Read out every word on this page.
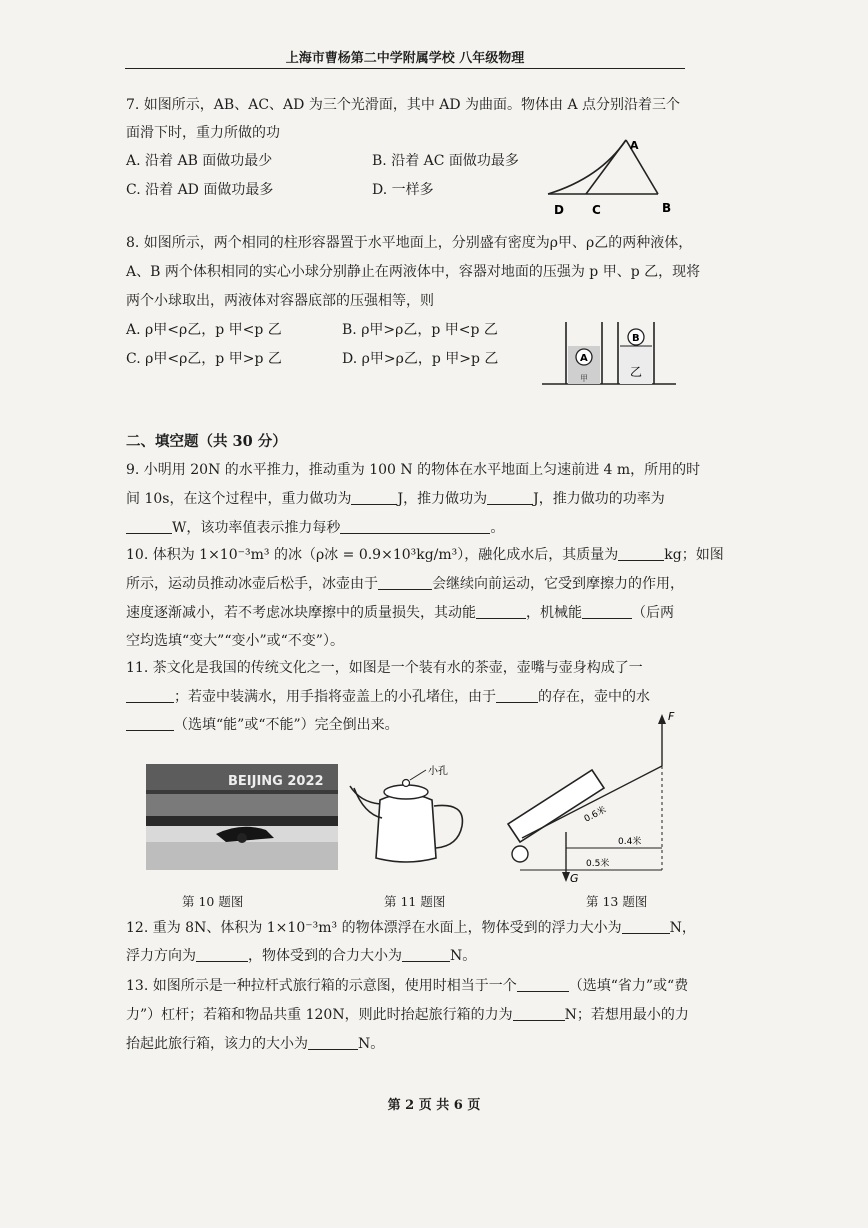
上海市曹杨第二中学附属学校 八年级物理
7. 如图所示，AB、AC、AD 为三个光滑面，其中 AD 为曲面。物体由 A 点分别沿着三个
面滑下时，重力所做的功
A. 沿着 AB 面做功最少	B. 沿着 AC 面做功最多
C. 沿着 AD 面做功最多	D. 一样多
A
D C	B
8. 如图所示，两个相同的柱形容器置于水平地面上，分别盛有密度为ρ甲、ρ乙的两种液体，
A、B 两个体积相同的实心小球分别静止在两液体中，容器对地面的压强为 p 甲、p 乙，现将
两个小球取出，两液体对容器底部的压强相等，则
A. ρ甲<ρ乙，p 甲<p 乙	B. ρ甲>ρ乙，p 甲<p 乙
C. ρ甲<ρ乙，p 甲>p 乙	D. ρ甲>ρ乙，p 甲>p 乙	A
甲
B
乙
二、填空题（共 30 分）
9. 小明用 20N 的水平推力，推动重为 100 N 的物体在水平地面上匀速前进 4 m，所用的时
间 10s，在这个过程中，重力做功为	J，推力做功为	J，推力做功的功率为
W，该功率值表示推力每秒	。
10. 体积为 1×10⁻³m³ 的冰（ρ冰 = 0.9×10³kg/m³），融化成水后，其质量为	kg；如图
所示，运动员推动冰壶后松手，冰壶由于	会继续向前运动，它受到摩擦力的作用，
速度逐渐减小，若不考虑冰块摩擦中的质量损失，其动能	，机械能	（后两
空均选填“变大”“变小”或“不变”）。
11. 茶文化是我国的传统文化之一，如图是一个装有水的茶壶，壶嘴与壶身构成了一
；若壶中装满水，用手指将壶盖上的小孔堵住，由于	的存在，壶中的水
（选填“能”或“不能”）完全倒出来。
BEIJING 2022
小孔
F
G
0.6米
0.4米
0.5米
第 10 题图	第 11 题图	第 13 题图
12. 重为 8N、体积为 1×10⁻³m³ 的物体漂浮在水面上，物体受到的浮力大小为	N，
浮力方向为	，物体受到的合力大小为	N。
13. 如图所示是一种拉杆式旅行箱的示意图，使用时相当于一个	（选填“省力”或“费
力”）杠杆；若箱和物品共重 120N，则此时抬起旅行箱的力为	N；若想用最小的力
抬起此旅行箱，该力的大小为	N。
第 2 页 共 6 页
